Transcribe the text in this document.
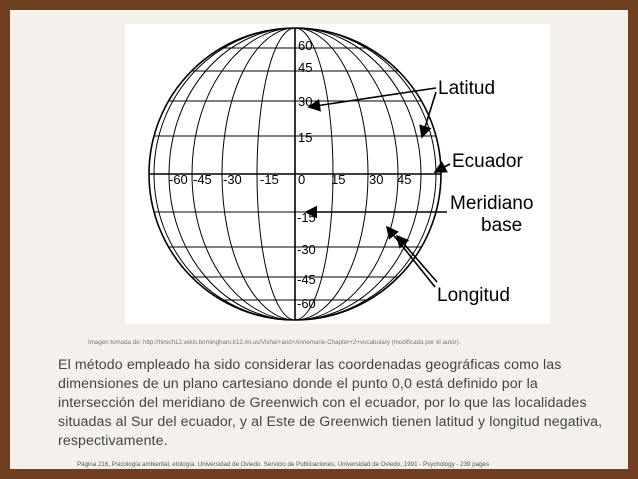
60
45
30
15
-60 -45 -30 -15 0 15 30 45
-15
-30
-45
-60
Latitud
Ecuador
Meridiano
base
Longitud
Imagen tomada de: http://hirsch12.wikis.birmingham.k12.mi.us/Vishal+and+Annemarie-Chapter+2+vocabulary (modificada por el autor).
El método empleado ha sido considerar las coordenadas geográficas como las dimensiones de un plano cartesiano donde el punto 0,0 está definido por la intersección del meridiano de Greenwich con el ecuador, por lo que las localidades situadas al Sur del ecuador, y al Este de Greenwich tienen latitud y longitud negativa, respectivamente.
Página 216, Psicología ambiental, etología. Universidad de Oviedo. Servicio de Publicaciones, Universidad de Oviedo, 1991 - Psychology - 239 pages
